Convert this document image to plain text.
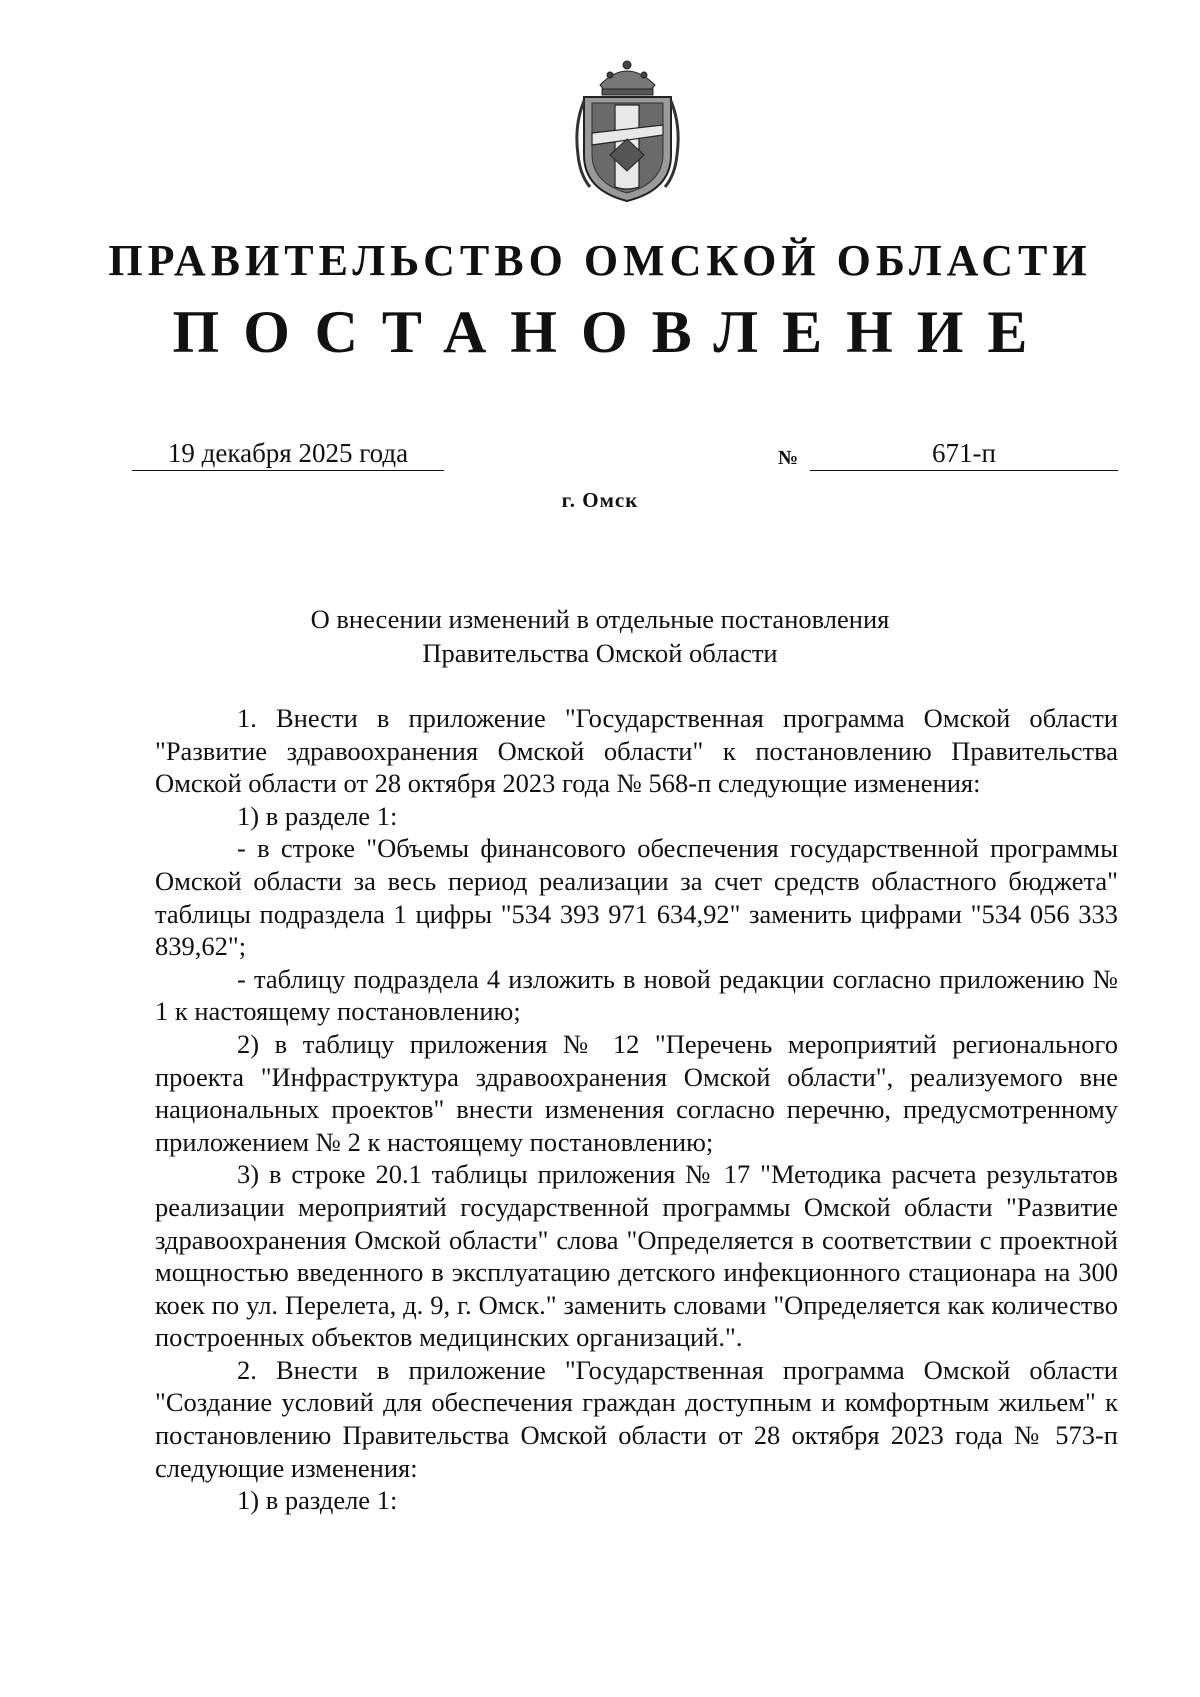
ПРАВИТЕЛЬСТВО ОМСКОЙ ОБЛАСТИ
ПОСТАНОВЛЕНИЕ
19 декабря 2025 года	№	671-п
г. Омск
О внесении изменений в отдельные постановления
Правительства Омской области

1. Внести в приложение "Государственная программа Омской области "Развитие здравоохранения Омской области" к постановлению Правительства Омской области от 28 октября 2023 года № 568-п следующие изменения:

1) в разделе 1:

- в строке "Объемы финансового обеспечения государственной программы Омской области за весь период реализации за счет средств областного бюджета" таблицы подраздела 1 цифры "534 393 971 634,92" заменить цифрами "534 056 333 839,62";

- таблицу подраздела 4 изложить в новой редакции согласно приложению № 1 к настоящему постановлению;

2) в таблицу приложения № 12 "Перечень мероприятий регионального проекта "Инфраструктура здравоохранения Омской области", реализуемого вне национальных проектов" внести изменения согласно перечню, предусмотренному приложением № 2 к настоящему постановлению;

3) в строке 20.1 таблицы приложения № 17 "Методика расчета результатов реализации мероприятий государственной программы Омской области "Развитие здравоохранения Омской области" слова "Определяется в соответствии с проектной мощностью введенного в эксплуатацию детского инфекционного стационара на 300 коек по ул. Перелета, д. 9, г. Омск." заменить словами "Определяется как количество построенных объектов медицинских организаций.".

2. Внести в приложение "Государственная программа Омской области "Создание условий для обеспечения граждан доступным и комфортным жильем" к постановлению Правительства Омской области от 28 октября 2023 года № 573-п следующие изменения:

1) в разделе 1:
